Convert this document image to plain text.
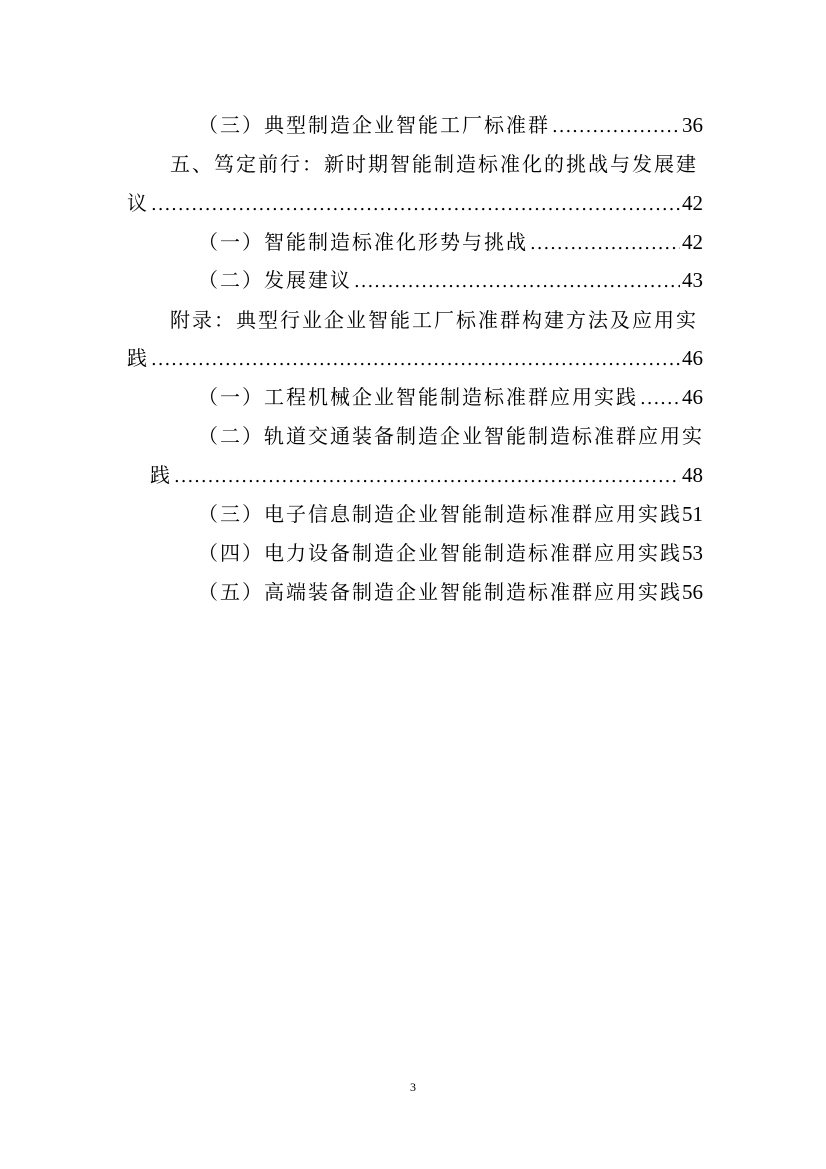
（三）典型制造企业智能工厂标准群 .....	36
五、笃定前行：新时期智能制造标准化的挑战与发展建
议 .....	42
（一）智能制造标准化形势与挑战 .....	42
（二）发展建议 .....	43
附录：典型行业企业智能工厂标准群构建方法及应用实
践 .....	46
（一）工程机械企业智能制造标准群应用实践 ..... 46
（二）轨道交通装备制造企业智能制造标准群应用实
践 .....	48
（三）电子信息制造企业智能制造标准群应用实践 51
（四）电力设备制造企业智能制造标准群应用实践 53
（五）高端装备制造企业智能制造标准群应用实践 56
3
